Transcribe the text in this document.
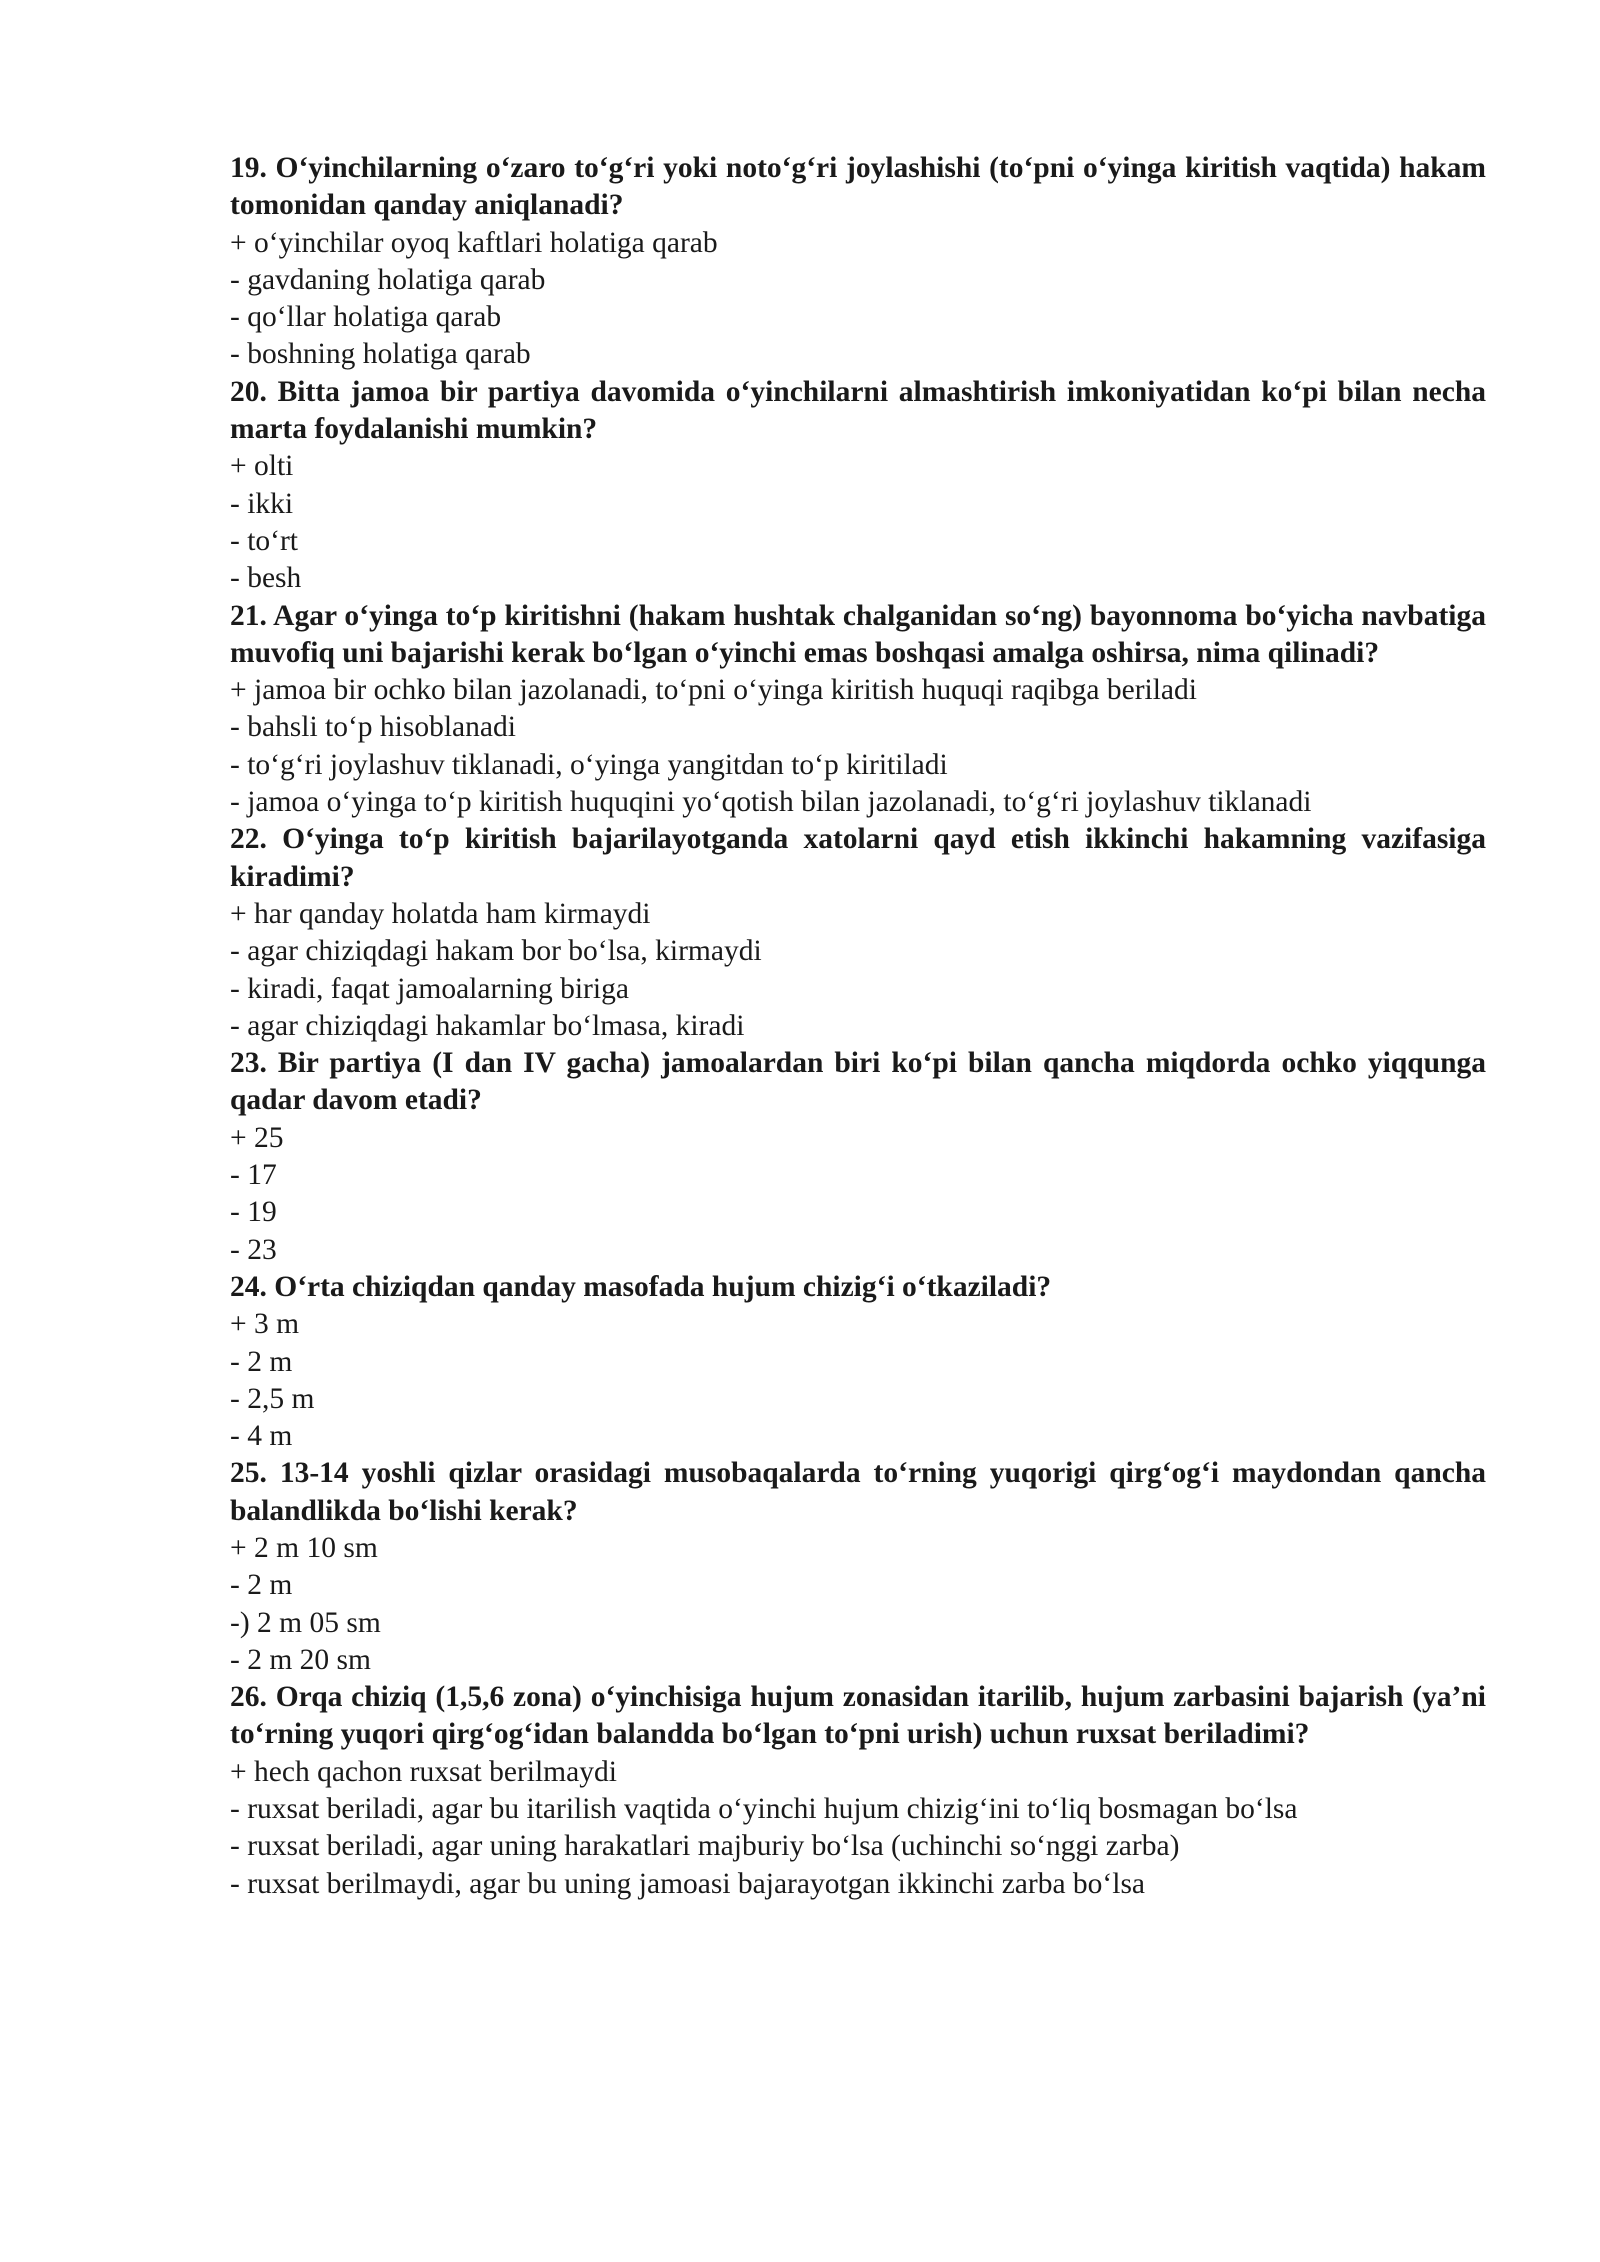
19. O‘yinchilarning o‘zaro to‘g‘ri yoki noto‘g‘ri joylashishi (to‘pni o‘yinga kiritish vaqtida) hakam tomonidan qanday aniqlanadi?

+ o‘yinchilar oyoq kaftlari holatiga qarab

- gavdaning holatiga qarab

- qo‘llar holatiga qarab

- boshning holatiga qarab

20. Bitta jamoa bir partiya davomida o‘yinchilarni almashtirish imkoniyatidan ko‘pi bilan necha marta foydalanishi mumkin?

+ olti

- ikki

- to‘rt

- besh

21. Agar o‘yinga to‘p kiritishni (hakam hushtak chalganidan so‘ng) bayonnoma bo‘yicha navbatiga muvofiq uni bajarishi kerak bo‘lgan o‘yinchi emas boshqasi amalga oshirsa, nima qilinadi?

+ jamoa bir ochko bilan jazolanadi, to‘pni o‘yinga kiritish huquqi raqibga beriladi

- bahsli to‘p hisoblanadi

- to‘g‘ri joylashuv tiklanadi, o‘yinga yangitdan to‘p kiritiladi

- jamoa o‘yinga to‘p kiritish huquqini yo‘qotish bilan jazolanadi, to‘g‘ri joylashuv tiklanadi

22. O‘yinga to‘p kiritish bajarilayotganda xatolarni qayd etish ikkinchi hakamning vazifasiga kiradimi?

+ har qanday holatda ham kirmaydi

- agar chiziqdagi hakam bor bo‘lsa, kirmaydi

- kiradi, faqat jamoalarning biriga

- agar chiziqdagi hakamlar bo‘lmasa, kiradi

23. Bir partiya (I dan IV gacha) jamoalardan biri ko‘pi bilan qancha miqdorda ochko yiqqunga qadar davom etadi?

+ 25

- 17

- 19

- 23

24. O‘rta chiziqdan qanday masofada hujum chizig‘i o‘tkaziladi?

+ 3 m

- 2 m

- 2,5 m

- 4 m

25. 13-14 yoshli qizlar orasidagi musobaqalarda to‘rning yuqorigi qirg‘og‘i maydondan qancha balandlikda bo‘lishi kerak?

+ 2 m 10 sm

- 2 m

-) 2 m 05 sm

- 2 m 20 sm

26. Orqa chiziq (1,5,6 zona) o‘yinchisiga hujum zonasidan itarilib, hujum zarbasini bajarish (ya’ni to‘rning yuqori qirg‘og‘idan balandda bo‘lgan to‘pni urish) uchun ruxsat beriladimi?

+ hech qachon ruxsat berilmaydi

- ruxsat beriladi, agar bu itarilish vaqtida o‘yinchi hujum chizig‘ini to‘liq bosmagan bo‘lsa

- ruxsat beriladi, agar uning harakatlari majburiy bo‘lsa (uchinchi so‘nggi zarba)

- ruxsat berilmaydi, agar bu uning jamoasi bajarayotgan ikkinchi zarba bo‘lsa
